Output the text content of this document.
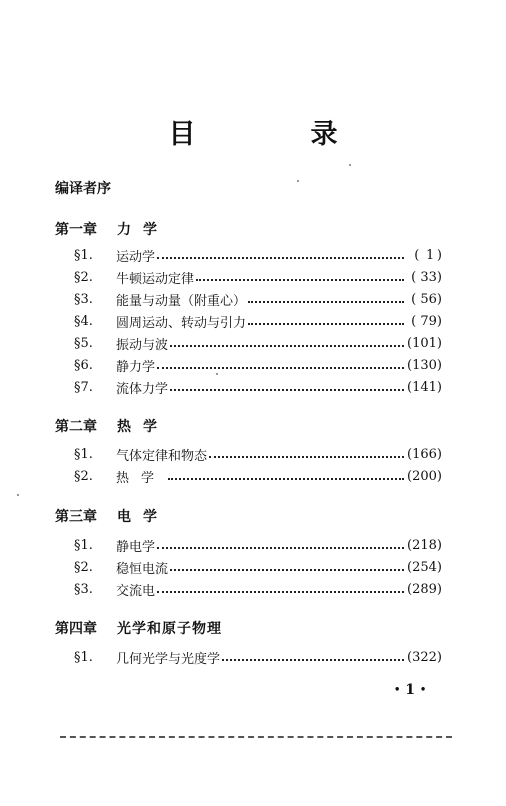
目　录

编译者序

第一章 力学
§1.	运动学	(  1 )
§2.	牛顿运动定律	( 33)
§3.	能量与动量（附重心）	( 56)
§4.	圆周运动、转动与引力	( 79)
§5.	振动与波	(101)
§6.	静力学	(130)
§7.	流体力学	(141)
第二章 热学
§1.	气体定律和物态	(166)
§2.	热学	(200)
第三章 电学
§1.	静电学	(218)
§2.	稳恒电流	(254)
§3.	交流电	(289)
第四章 光学和原子物理
§1.	几何光学与光度学	(322)
• 1 •
